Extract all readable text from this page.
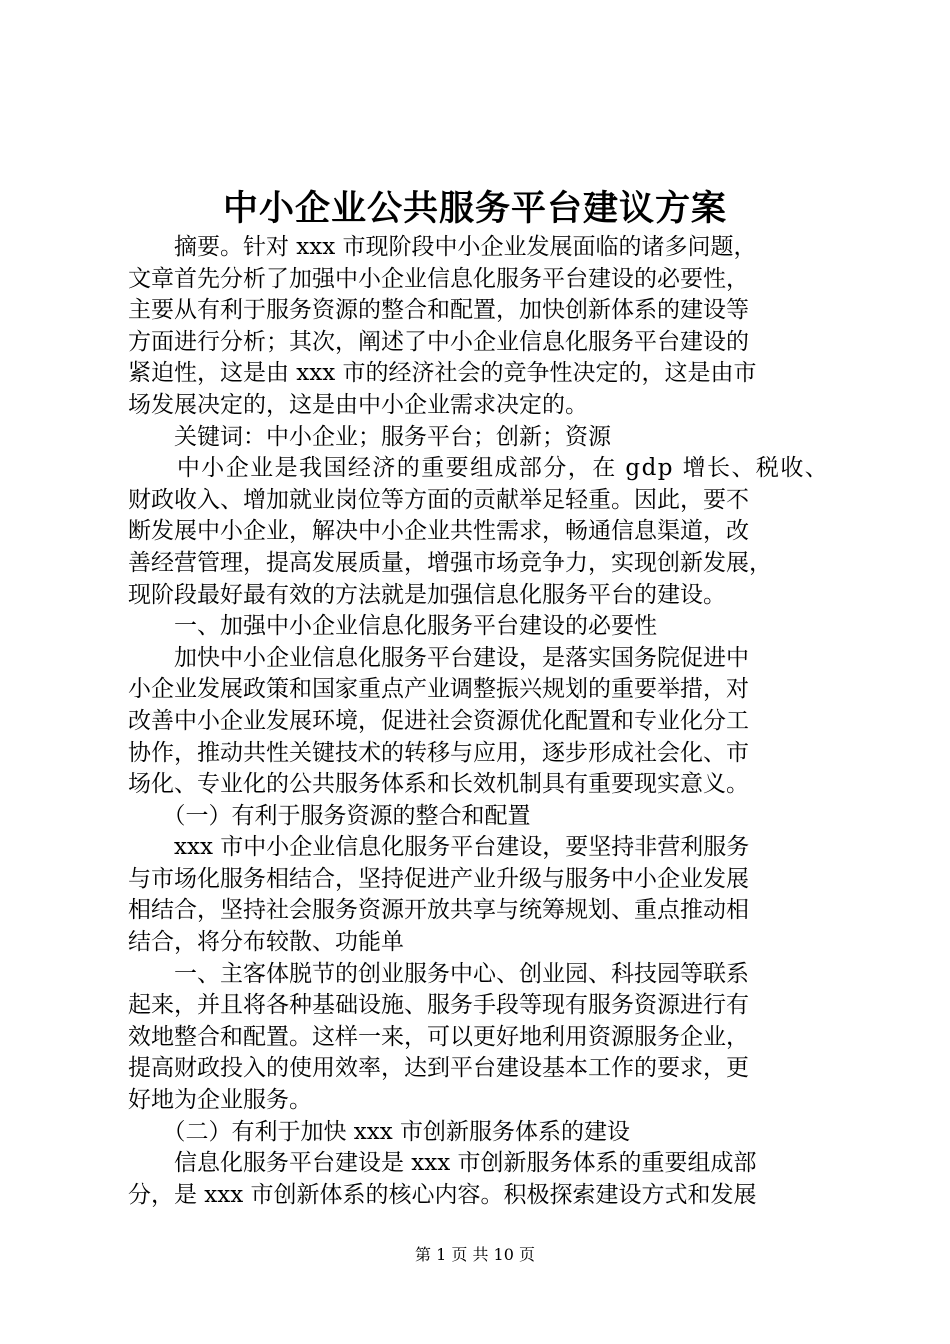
中小企业公共服务平台建议方案
　　摘要。针对 xxx 市现阶段中小企业发展面临的诸多问题，
文章首先分析了加强中小企业信息化服务平台建设的必要性，
主要从有利于服务资源的整合和配置，加快创新体系的建设等
方面进行分析；其次，阐述了中小企业信息化服务平台建设的
紧迫性，这是由 xxx 市的经济社会的竞争性决定的，这是由市
场发展决定的，这是由中小企业需求决定的。
　　关键词：中小企业；服务平台；创新；资源
　　中小企业是我国经济的重要组成部分，在 gdp 增长、税收、
财政收入、增加就业岗位等方面的贡献举足轻重。因此，要不
断发展中小企业，解决中小企业共性需求，畅通信息渠道，改
善经营管理，提高发展质量，增强市场竞争力，实现创新发展，
现阶段最好最有效的方法就是加强信息化服务平台的建设。
　　一、加强中小企业信息化服务平台建设的必要性
　　加快中小企业信息化服务平台建设，是落实国务院促进中
小企业发展政策和国家重点产业调整振兴规划的重要举措，对
改善中小企业发展环境，促进社会资源优化配置和专业化分工
协作，推动共性关键技术的转移与应用，逐步形成社会化、市
场化、专业化的公共服务体系和长效机制具有重要现实意义。
　　（一）有利于服务资源的整合和配置
　　xxx 市中小企业信息化服务平台建设，要坚持非营利服务
与市场化服务相结合，坚持促进产业升级与服务中小企业发展
相结合，坚持社会服务资源开放共享与统筹规划、重点推动相
结合，将分布较散、功能单
　　一、主客体脱节的创业服务中心、创业园、科技园等联系
起来，并且将各种基础设施、服务手段等现有服务资源进行有
效地整合和配置。这样一来，可以更好地利用资源服务企业，
提高财政投入的使用效率，达到平台建设基本工作的要求，更
好地为企业服务。
　　（二）有利于加快 xxx 市创新服务体系的建设
　　信息化服务平台建设是 xxx 市创新服务体系的重要组成部
分，是 xxx 市创新体系的核心内容。积极探索建设方式和发展
第 1 页 共 10 页
